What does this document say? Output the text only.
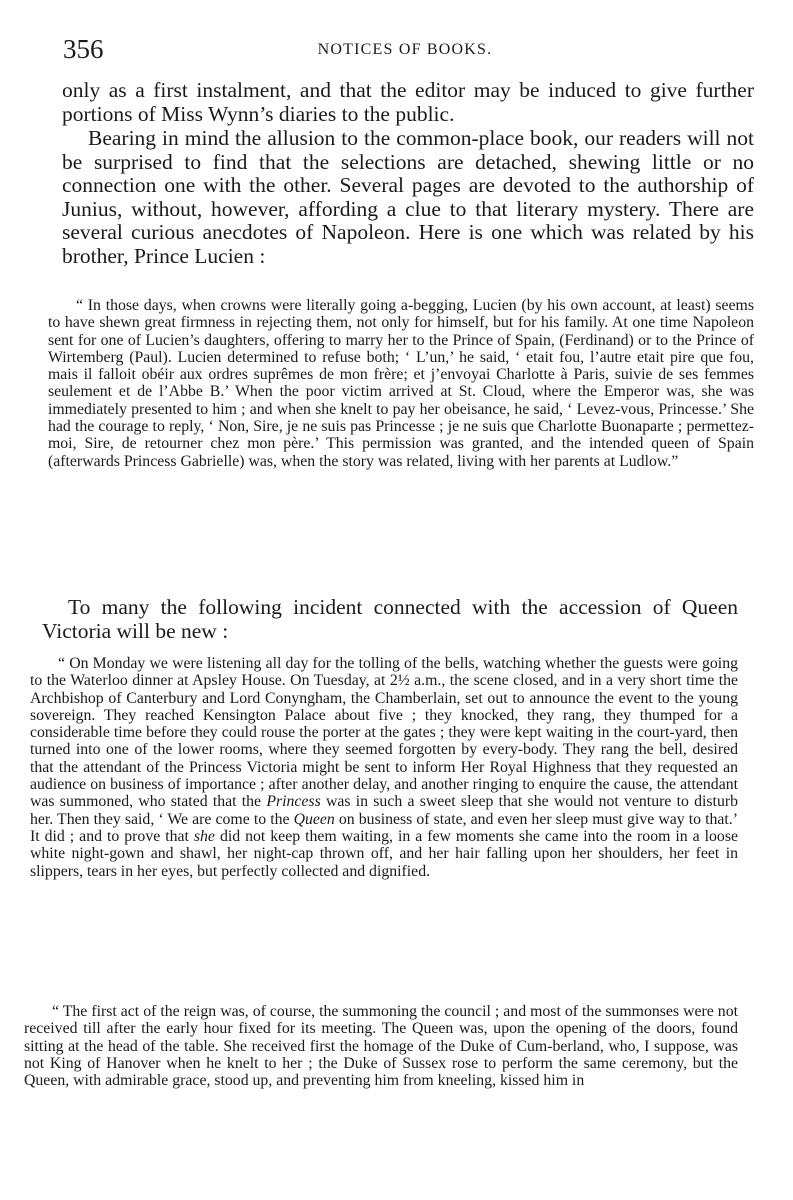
356	NOTICES OF BOOKS.

only as a first instalment, and that the editor may be induced to give further portions of Miss Wynn’s diaries to the public.

Bearing in mind the allusion to the common-place book, our readers will not be surprised to find that the selections are detached, shewing little or no connection one with the other. Several pages are devoted to the authorship of Junius, without, however, affording a clue to that literary mystery. There are several curious anecdotes of Napoleon. Here is one which was related by his brother, Prince Lucien :

“ In those days, when crowns were literally going a-begging, Lucien (by his own account, at least) seems to have shewn great firmness in rejecting them, not only for himself, but for his family. At one time Napoleon sent for one of Lucien’s daughters, offering to marry her to the Prince of Spain, (Ferdinand) or to the Prince of Wirtemberg (Paul). Lucien determined to refuse both; ‘ L’un,’ he said, ‘ etait fou, l’autre etait pire que fou, mais il falloit obéir aux ordres suprêmes de mon frère; et j’envoyai Charlotte à Paris, suivie de ses femmes seulement et de l’Abbe B.’ When the poor victim arrived at St. Cloud, where the Emperor was, she was immediately presented to him ; and when she knelt to pay her obeisance, he said, ‘ Levez-vous, Princesse.’ She had the courage to reply, ‘ Non, Sire, je ne suis pas Princesse ; je ne suis que Charlotte Buonaparte ; permettez-moi, Sire, de retourner chez mon père.’ This permission was granted, and the intended queen of Spain (afterwards Princess Gabrielle) was, when the story was related, living with her parents at Ludlow.”

To many the following incident connected with the accession of Queen Victoria will be new :

“ On Monday we were listening all day for the tolling of the bells, watching whether the guests were going to the Waterloo dinner at Apsley House. On Tuesday, at 2½ a.m., the scene closed, and in a very short time the Archbishop of Canterbury and Lord Conyngham, the Chamberlain, set out to announce the event to the young sovereign. They reached Kensington Palace about five ; they knocked, they rang, they thumped for a considerable time before they could rouse the porter at the gates ; they were kept waiting in the court-yard, then turned into one of the lower rooms, where they seemed forgotten by every-body. They rang the bell, desired that the attendant of the Princess Victoria might be sent to inform Her Royal Highness that they requested an audience on business of importance ; after another delay, and another ringing to enquire the cause, the attendant was summoned, who stated that the Princess was in such a sweet sleep that she would not venture to disturb her. Then they said, ‘ We are come to the Queen on business of state, and even her sleep must give way to that.’ It did ; and to prove that she did not keep them waiting, in a few moments she came into the room in a loose white night-gown and shawl, her night-cap thrown off, and her hair falling upon her shoulders, her feet in slippers, tears in her eyes, but perfectly collected and dignified.

“ The first act of the reign was, of course, the summoning the council ; and most of the summonses were not received till after the early hour fixed for its meeting. The Queen was, upon the opening of the doors, found sitting at the head of the table. She received first the homage of the Duke of Cum-berland, who, I suppose, was not King of Hanover when he knelt to her ; the Duke of Sussex rose to perform the same ceremony, but the Queen, with admirable grace, stood up, and preventing him from kneeling, kissed him in
